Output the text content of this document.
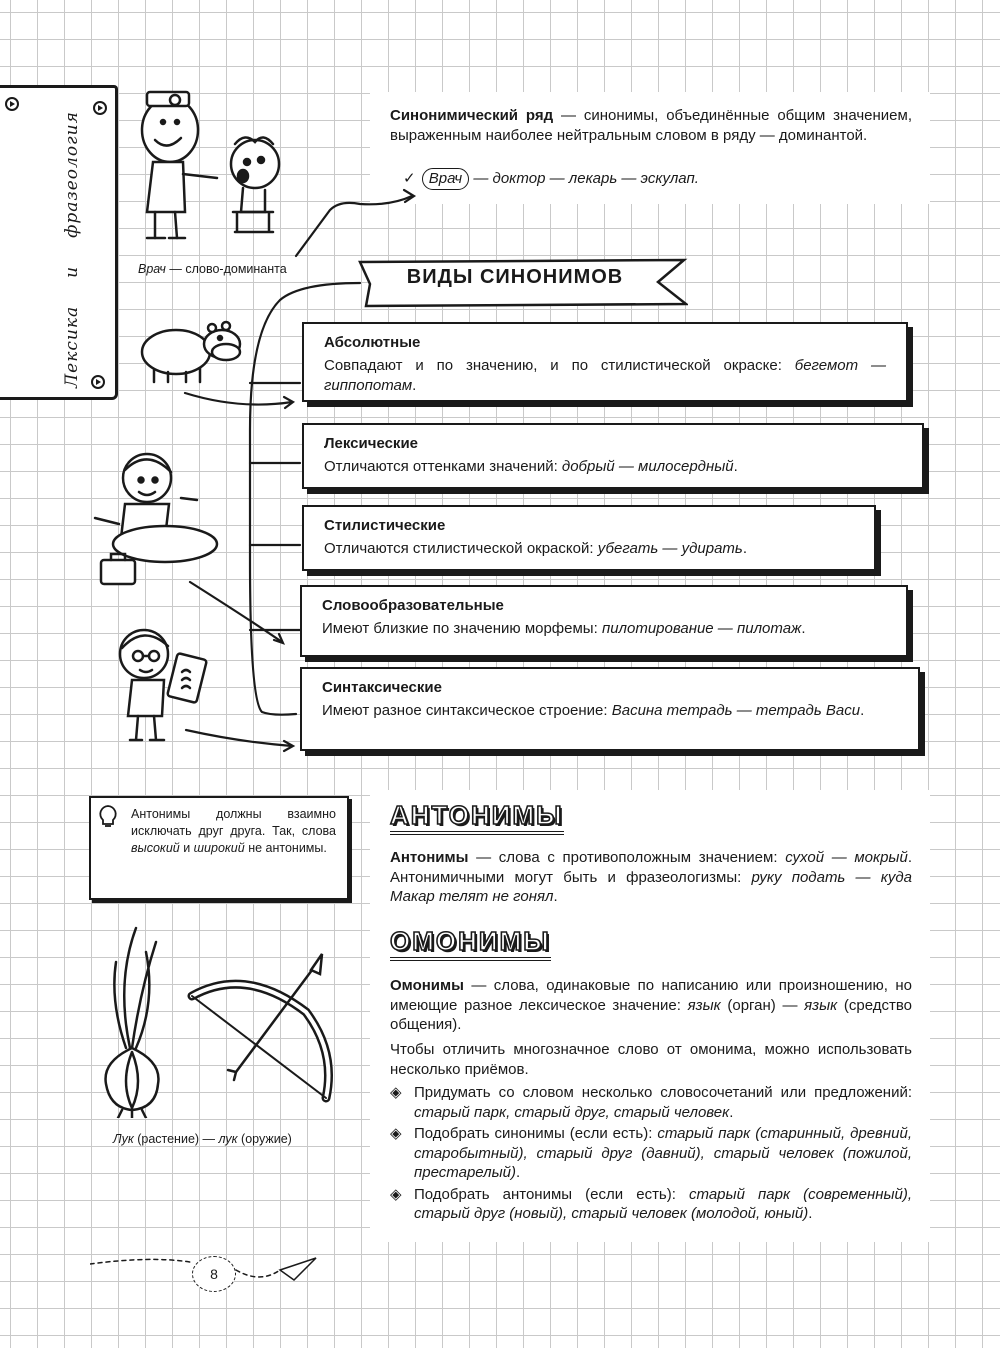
Лексикаифразеология
Врач — слово-доминанта
Синонимический ряд — синонимы, объединённые общим значением, выраженным наиболее нейтральным словом в ряду — доминантой.
✓ Врач — доктор — лекарь — эскулап.
ВИДЫ СИНОНИМОВ
Абсолютные
Совпадают и по значению, и по стилистической окраске: бегемот — гиппопотам.
Лексические
Отличаются оттенками значений: добрый — милосердный.
Стилистические
Отличаются стилистической окраской: убегать — удирать.
Словообразовательные
Имеют близкие по значению морфемы: пилотирование — пилотаж.
Синтаксические
Имеют разное синтаксическое строение: Васина тетрадь — тетрадь Васи.
Антонимы должны взаимно исключать друг друга. Так, слова высокий и широкий не антонимы.
АНТОНИМЫ
Антонимы — слова с противоположным значением: сухой — мокрый. Антонимичными могут быть и фразеологизмы: руку подать — куда Макар телят не гонял.
ОМОНИМЫ
Омонимы — слова, одинаковые по написанию или произношению, но имеющие разное лексическое значение: язык (орган) — язык (средство общения).
Чтобы отличить многозначное слово от омонима, можно использовать несколько приёмов.
◈ Придумать со словом несколько словосочетаний или предложений: старый парк, старый друг, старый человек.
◈ Подобрать синонимы (если есть): старый парк (старинный, древний, старобытный), старый друг (давний), старый человек (пожилой, престарелый).
◈ Подобрать антонимы (если есть): старый парк (современный), старый друг (новый), старый человек (молодой, юный).
Лук (растение) — лук (оружие)
8
